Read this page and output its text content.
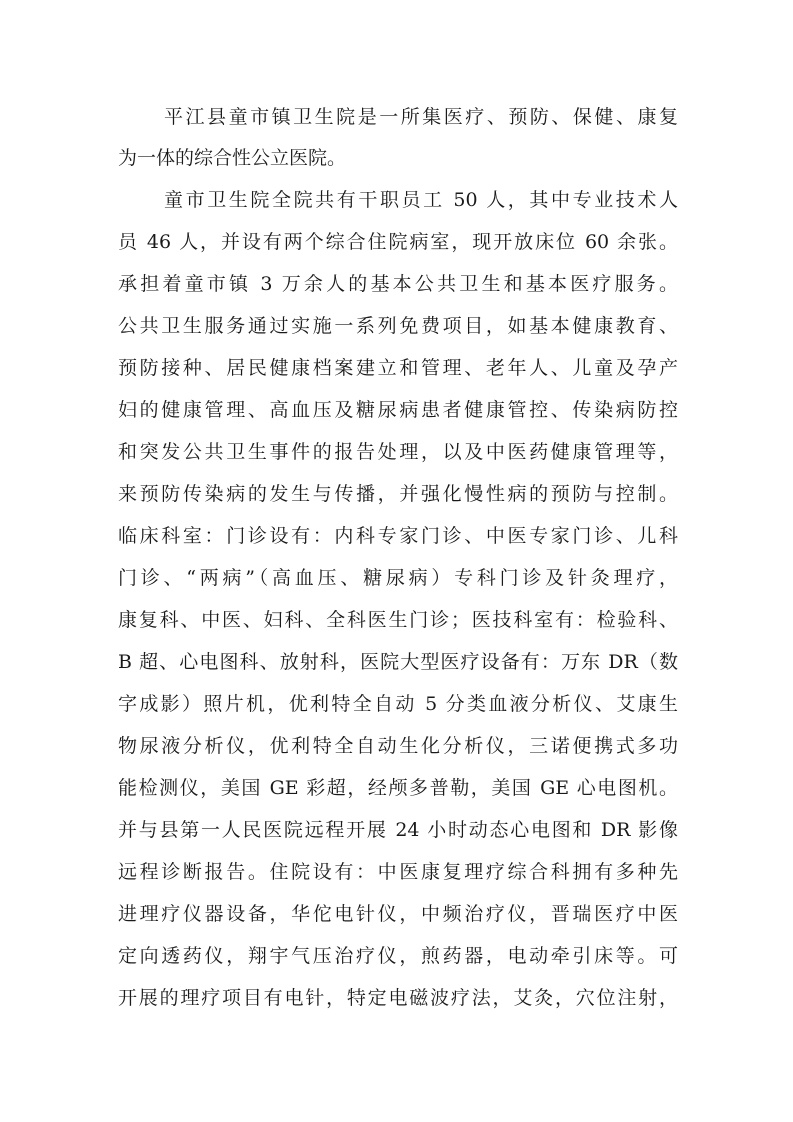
平江县童市镇卫生院是一所集医疗、预防、保健、康复
为一体的综合性公立医院。
童市卫生院全院共有干职员工 50 人，其中专业技术人
员 46 人，并设有两个综合住院病室，现开放床位 60 余张。
承担着童市镇 3 万余人的基本公共卫生和基本医疗服务。
公共卫生服务通过实施一系列免费项目，如基本健康教育、
预防接种、居民健康档案建立和管理、老年人、儿童及孕产
妇的健康管理、高血压及糖尿病患者健康管控、传染病防控
和突发公共卫生事件的报告处理，以及中医药健康管理等，
来预防传染病的发生与传播，并强化慢性病的预防与控制。
临床科室：门诊设有：内科专家门诊、中医专家门诊、儿科
门诊、“两病”（高血压、糖尿病）专科门诊及针灸理疗，
康复科、中医、妇科、全科医生门诊；医技科室有：检验科、
B 超、心电图科、放射科，医院大型医疗设备有：万东 DR（数
字成影）照片机，优利特全自动 5 分类血液分析仪、艾康生
物尿液分析仪，优利特全自动生化分析仪，三诺便携式多功
能检测仪，美国 GE 彩超，经颅多普勒，美国 GE 心电图机。
并与县第一人民医院远程开展 24 小时动态心电图和 DR 影像
远程诊断报告。住院设有：中医康复理疗综合科拥有多种先
进理疗仪器设备，华佗电针仪，中频治疗仪，晋瑞医疗中医
定向透药仪，翔宇气压治疗仪，煎药器，电动牵引床等。可
开展的理疗项目有电针，特定电磁波疗法，艾灸，穴位注射，
